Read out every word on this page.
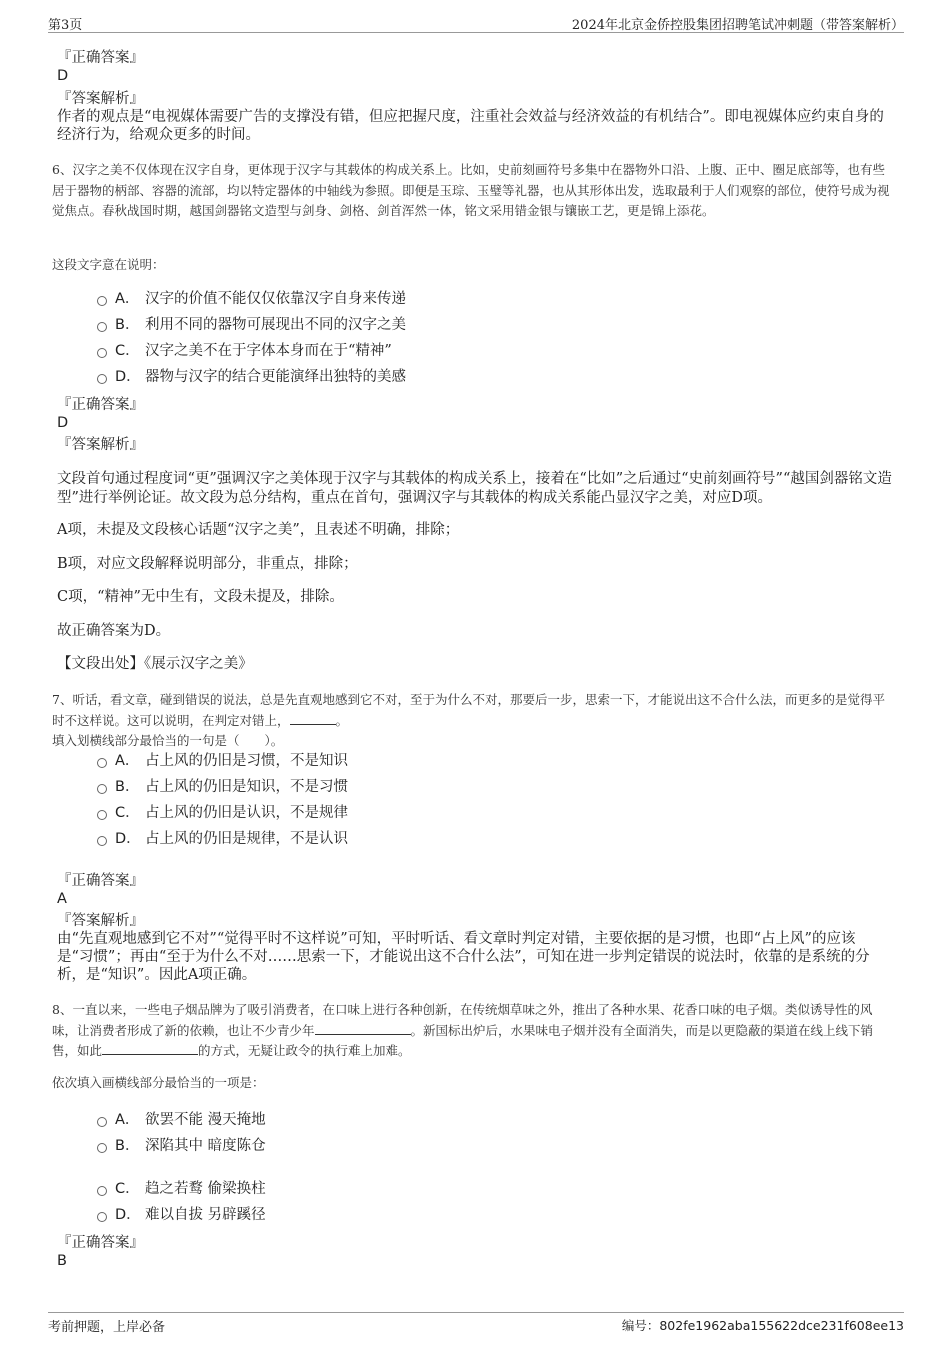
第3页	2024年北京金侨控股集团招聘笔试冲刺题（带答案解析）
『正确答案』
D
『答案解析』
作者的观点是“电视媒体需要广告的支撑没有错，但应把握尺度，注重社会效益与经济效益的有机结合”。即电视媒体应约束自身的经济行为，给观众更多的时间。
6、汉字之美不仅体现在汉字自身，更体现于汉字与其载体的构成关系上。比如，史前刻画符号多集中在器物外口沿、上腹、正中、圈足底部等，也有些居于器物的柄部、容器的流部，均以特定器体的中轴线为参照。即便是玉琮、玉璧等礼器，也从其形体出发，选取最利于人们观察的部位，使符号成为视觉焦点。春秋战国时期，越国剑器铭文造型与剑身、剑格、剑首浑然一体，铭文采用错金银与镶嵌工艺，更是锦上添花。
这段文字意在说明：
A． 汉字的价值不能仅仅依靠汉字自身来传递
B． 利用不同的器物可展现出不同的汉字之美
C． 汉字之美不在于字体本身而在于“精神”
D． 器物与汉字的结合更能演绎出独特的美感
『正确答案』
D
『答案解析』
文段首句通过程度词“更”强调汉字之美体现于汉字与其载体的构成关系上，接着在“比如”之后通过“史前刻画符号”“越国剑器铭文造型”进行举例论证。故文段为总分结构，重点在首句，强调汉字与其载体的构成关系能凸显汉字之美，对应D项。
A项，未提及文段核心话题“汉字之美”，且表述不明确，排除；
B项，对应文段解释说明部分，非重点，排除；
C项，“精神”无中生有，文段未提及，排除。
故正确答案为D。
【文段出处】《展示汉字之美》
7、听话，看文章，碰到错误的说法，总是先直观地感到它不对，至于为什么不对，那要后一步，思索一下，才能说出这不合什么法，而更多的是觉得平时不这样说。这可以说明，在判定对错上，	。
填入划横线部分最恰当的一句是（　　）。
A． 占上风的仍旧是习惯，不是知识
B． 占上风的仍旧是知识，不是习惯
C． 占上风的仍旧是认识，不是规律
D． 占上风的仍旧是规律，不是认识
『正确答案』
A
『答案解析』
由“先直观地感到它不对”“觉得平时不这样说”可知，平时听话、看文章时判定对错，主要依据的是习惯，也即“占上风”的应该是“习惯”；再由“至于为什么不对……思索一下，才能说出这不合什么法”，可知在进一步判定错误的说法时，依靠的是系统的分析，是“知识”。因此A项正确。
8、一直以来，一些电子烟品牌为了吸引消费者，在口味上进行各种创新，在传统烟草味之外，推出了各种水果、花香口味的电子烟。类似诱导性的风味，让消费者形成了新的依赖，也让不少青少年	。新国标出炉后，水果味电子烟并没有全面消失，而是以更隐蔽的渠道在线上线下销售，如此	的方式，无疑让政令的执行难上加难。
依次填入画横线部分最恰当的一项是：
A． 欲罢不能 漫天掩地
B． 深陷其中 暗度陈仓
C． 趋之若鹜 偷梁换柱
D． 难以自拔 另辟蹊径
『正确答案』
B
考前押题，上岸必备	编号：802fe1962aba155622dce231f608ee13
